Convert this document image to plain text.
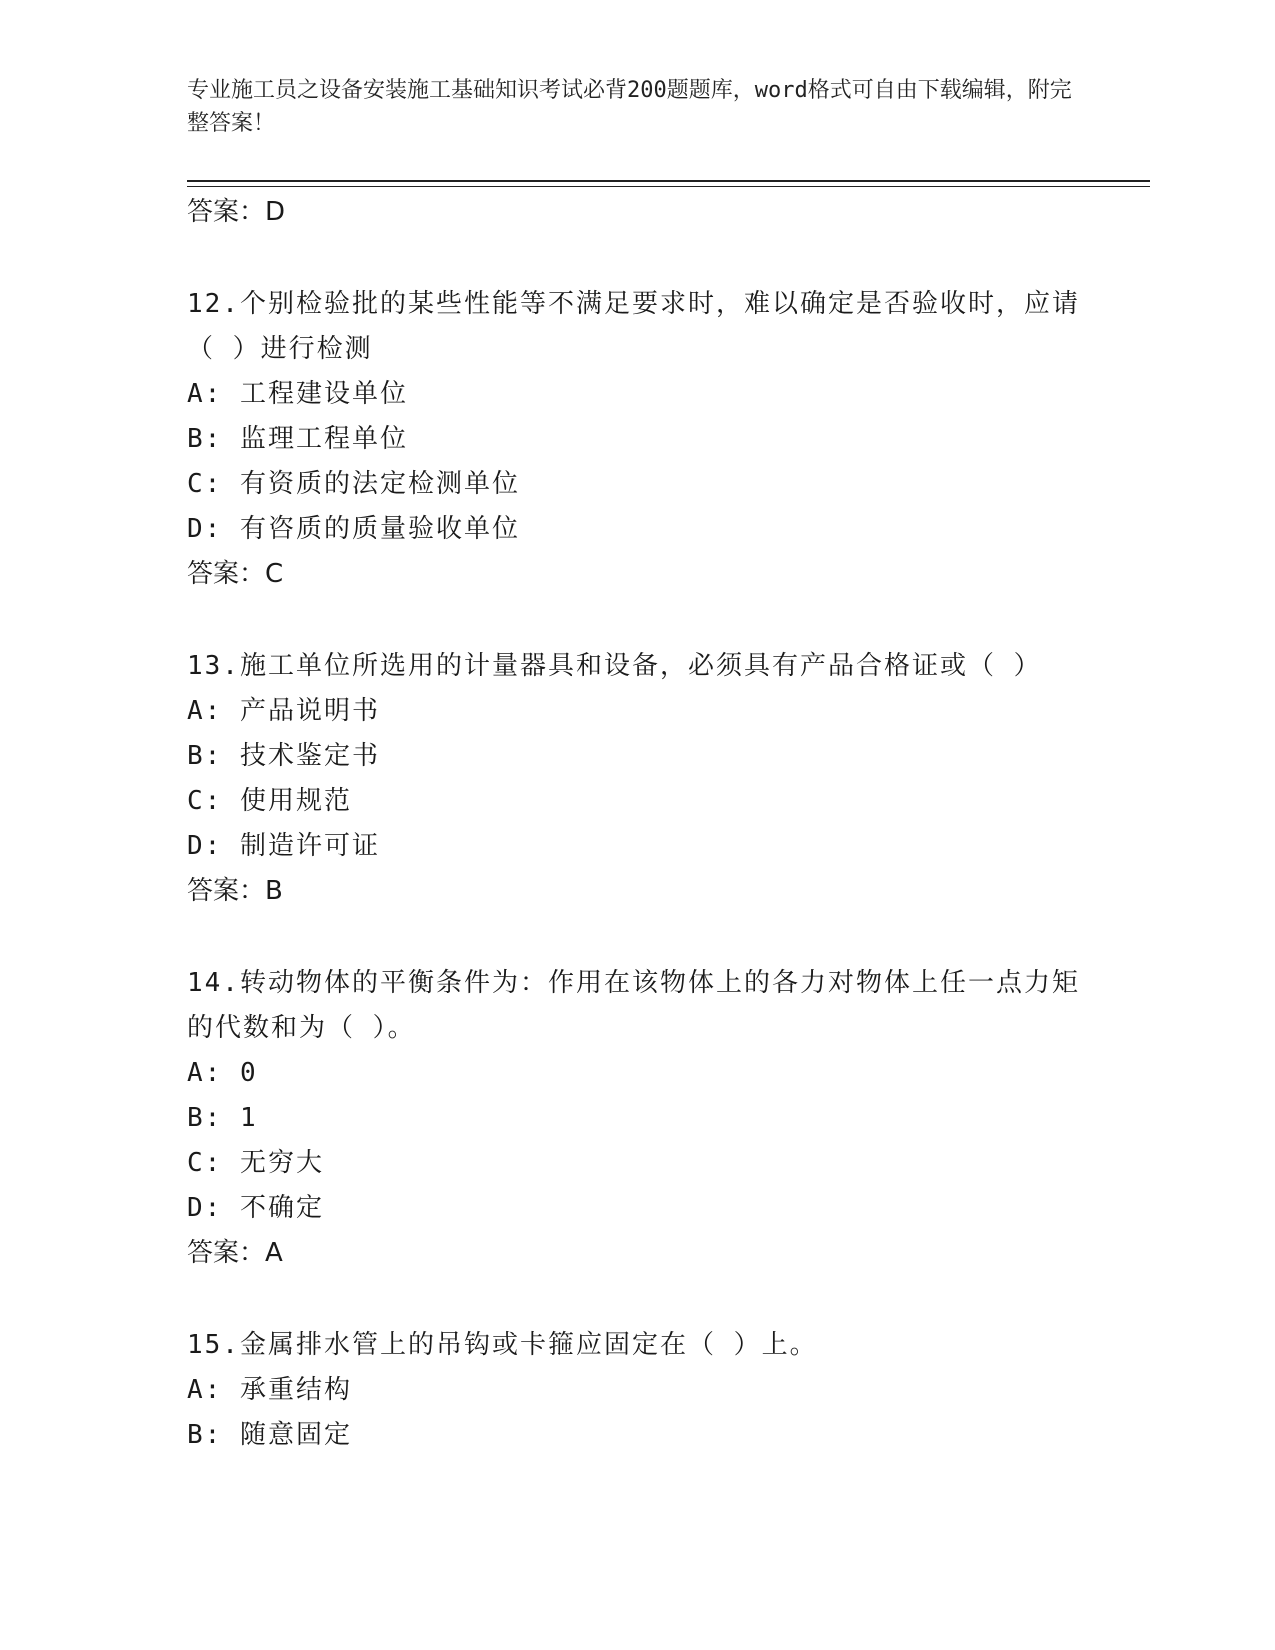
专业施工员之设备安装施工基础知识考试必背200题题库，word格式可自由下载编辑，附完整答案！
答案：D
12.个别检验批的某些性能等不满足要求时，难以确定是否验收时，应请（ ）进行检测
A: 工程建设单位
B: 监理工程单位
C: 有资质的法定检测单位
D: 有咨质的质量验收单位
答案：C
13.施工单位所选用的计量器具和设备，必须具有产品合格证或（ ）
A: 产品说明书
B: 技术鉴定书
C: 使用规范
D: 制造许可证
答案：B
14.转动物体的平衡条件为：作用在该物体上的各力对物体上任一点力矩的代数和为（ ）。
A: 0
B: 1
C: 无穷大
D: 不确定
答案：A
15.金属排水管上的吊钩或卡箍应固定在（ ）上。
A: 承重结构
B: 随意固定
